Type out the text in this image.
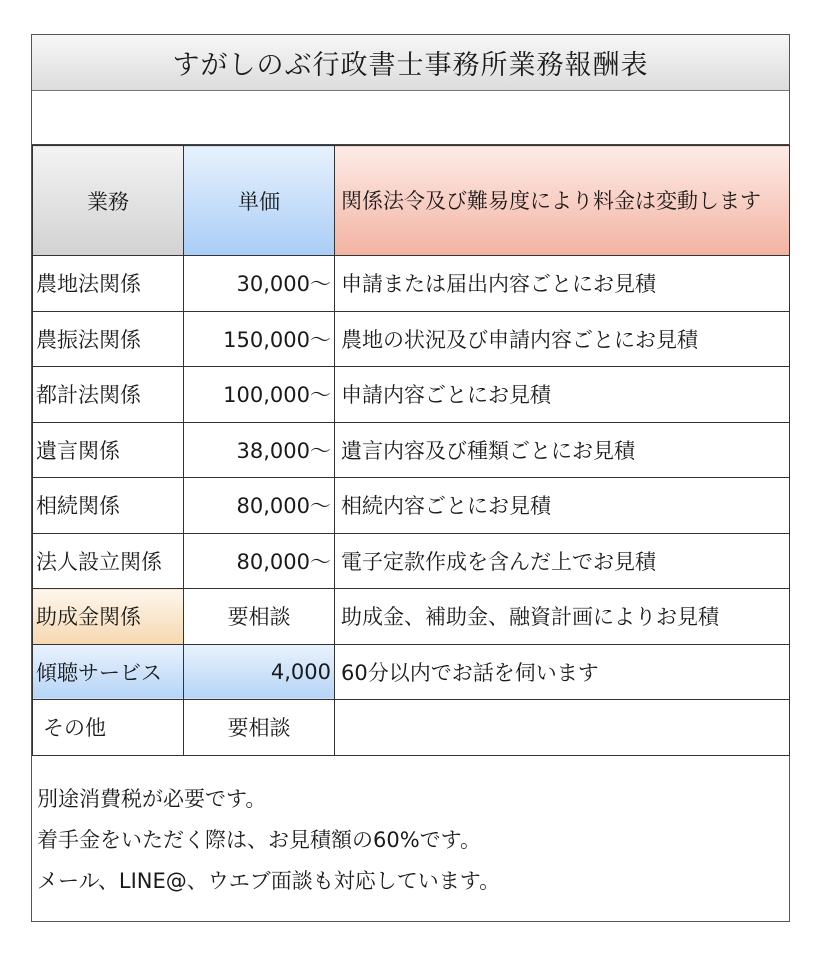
すがしのぶ行政書士事務所業務報酬表
業務	単価	関係法令及び難易度により料金は変動します
農地法関係	30,000〜	申請または届出内容ごとにお見積
農振法関係	150,000〜	農地の状況及び申請内容ごとにお見積
都計法関係	100,000〜	申請内容ごとにお見積
遺言関係	38,000〜	遺言内容及び種類ごとにお見積
相続関係	80,000〜	相続内容ごとにお見積
法人設立関係	80,000〜	電子定款作成を含んだ上でお見積
助成金関係	要相談	助成金、補助金、融資計画によりお見積
傾聴サービス	4,000	60分以内でお話を伺います
その他	要相談	

別途消費税が必要です。

着手金をいただく際は、お見積額の60%です。

メール、LINE@、ウエブ面談も対応しています。
